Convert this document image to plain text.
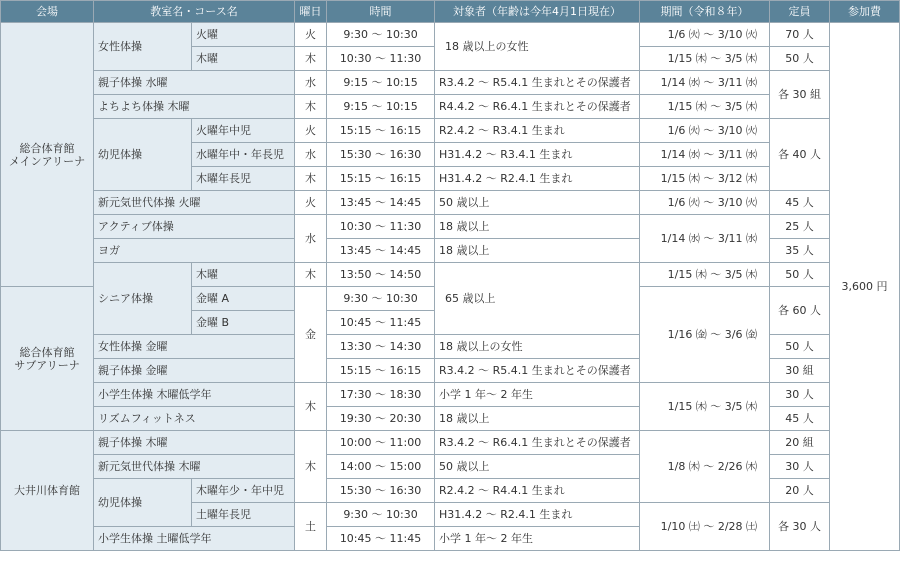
会場	教室名・コース名		曜日	時間	対象者（年齢は今年4月1日現在）	期間（令和８年）	定員	参加費
総合体育館
メインアリーナ	女性体操	火曜	火	9:30 ～ 10:30	18 歳以上の女性	1/6 ㈫ ～ 3/10 ㈫	70 人	3,600 円
		木曜	木	10:30 ～ 11:30		1/15 ㈭ ～ 3/5 ㈭	50 人	
	親子体操 水曜		水	9:15 ～ 10:15	R3.4.2 ～ R5.4.1 生まれとその保護者	1/14 ㈬ ～ 3/11 ㈬	各 30 組	
	よちよち体操 木曜		木	9:15 ～ 10:15	R4.4.2 ～ R6.4.1 生まれとその保護者	1/15 ㈭ ～ 3/5 ㈭		
	幼児体操	火曜年中児	火	15:15 ～ 16:15	R2.4.2 ～ R3.4.1 生まれ	1/6 ㈫ ～ 3/10 ㈫	各 40 人	
		水曜年中・年長児	水	15:30 ～ 16:30	H31.4.2 ～ R3.4.1 生まれ	1/14 ㈬ ～ 3/11 ㈬		
		木曜年長児	木	15:15 ～ 16:15	H31.4.2 ～ R2.4.1 生まれ	1/15 ㈭ ～ 3/12 ㈭		
	新元気世代体操 火曜		火	13:45 ～ 14:45	50 歳以上	1/6 ㈫ ～ 3/10 ㈫	45 人	
	アクティブ体操		水	10:30 ～ 11:30	18 歳以上	1/14 ㈬ ～ 3/11 ㈬	25 人	
	ヨガ			13:45 ～ 14:45	18 歳以上		35 人	
	シニア体操	木曜	木	13:50 ～ 14:50	65 歳以上	1/15 ㈭ ～ 3/5 ㈭	50 人	
総合体育館
サブアリーナ		金曜 A	金	9:30 ～ 10:30		1/16 ㈮ ～ 3/6 ㈮	各 60 人	
		金曜 B		10:45 ～ 11:45				
	女性体操 金曜			13:30 ～ 14:30	18 歳以上の女性		50 人	
	親子体操 金曜			15:15 ～ 16:15	R3.4.2 ～ R5.4.1 生まれとその保護者		30 組	
	小学生体操 木曜低学年		木	17:30 ～ 18:30	小学 1 年～ 2 年生	1/15 ㈭ ～ 3/5 ㈭	30 人	
	リズムフィットネス			19:30 ～ 20:30	18 歳以上		45 人	
大井川体育館	親子体操 木曜		木	10:00 ～ 11:00	R3.4.2 ～ R6.4.1 生まれとその保護者	1/8 ㈭ ～ 2/26 ㈭	20 組	
	新元気世代体操 木曜			14:00 ～ 15:00	50 歳以上		30 人	
	幼児体操	木曜年少・年中児		15:30 ～ 16:30	R2.4.2 ～ R4.4.1 生まれ		20 人	
		土曜年長児	土	9:30 ～ 10:30	H31.4.2 ～ R2.4.1 生まれ	1/10 ㈯ ～ 2/28 ㈯	各 30 人	
	小学生体操 土曜低学年			10:45 ～ 11:45	小学 1 年～ 2 年生			
